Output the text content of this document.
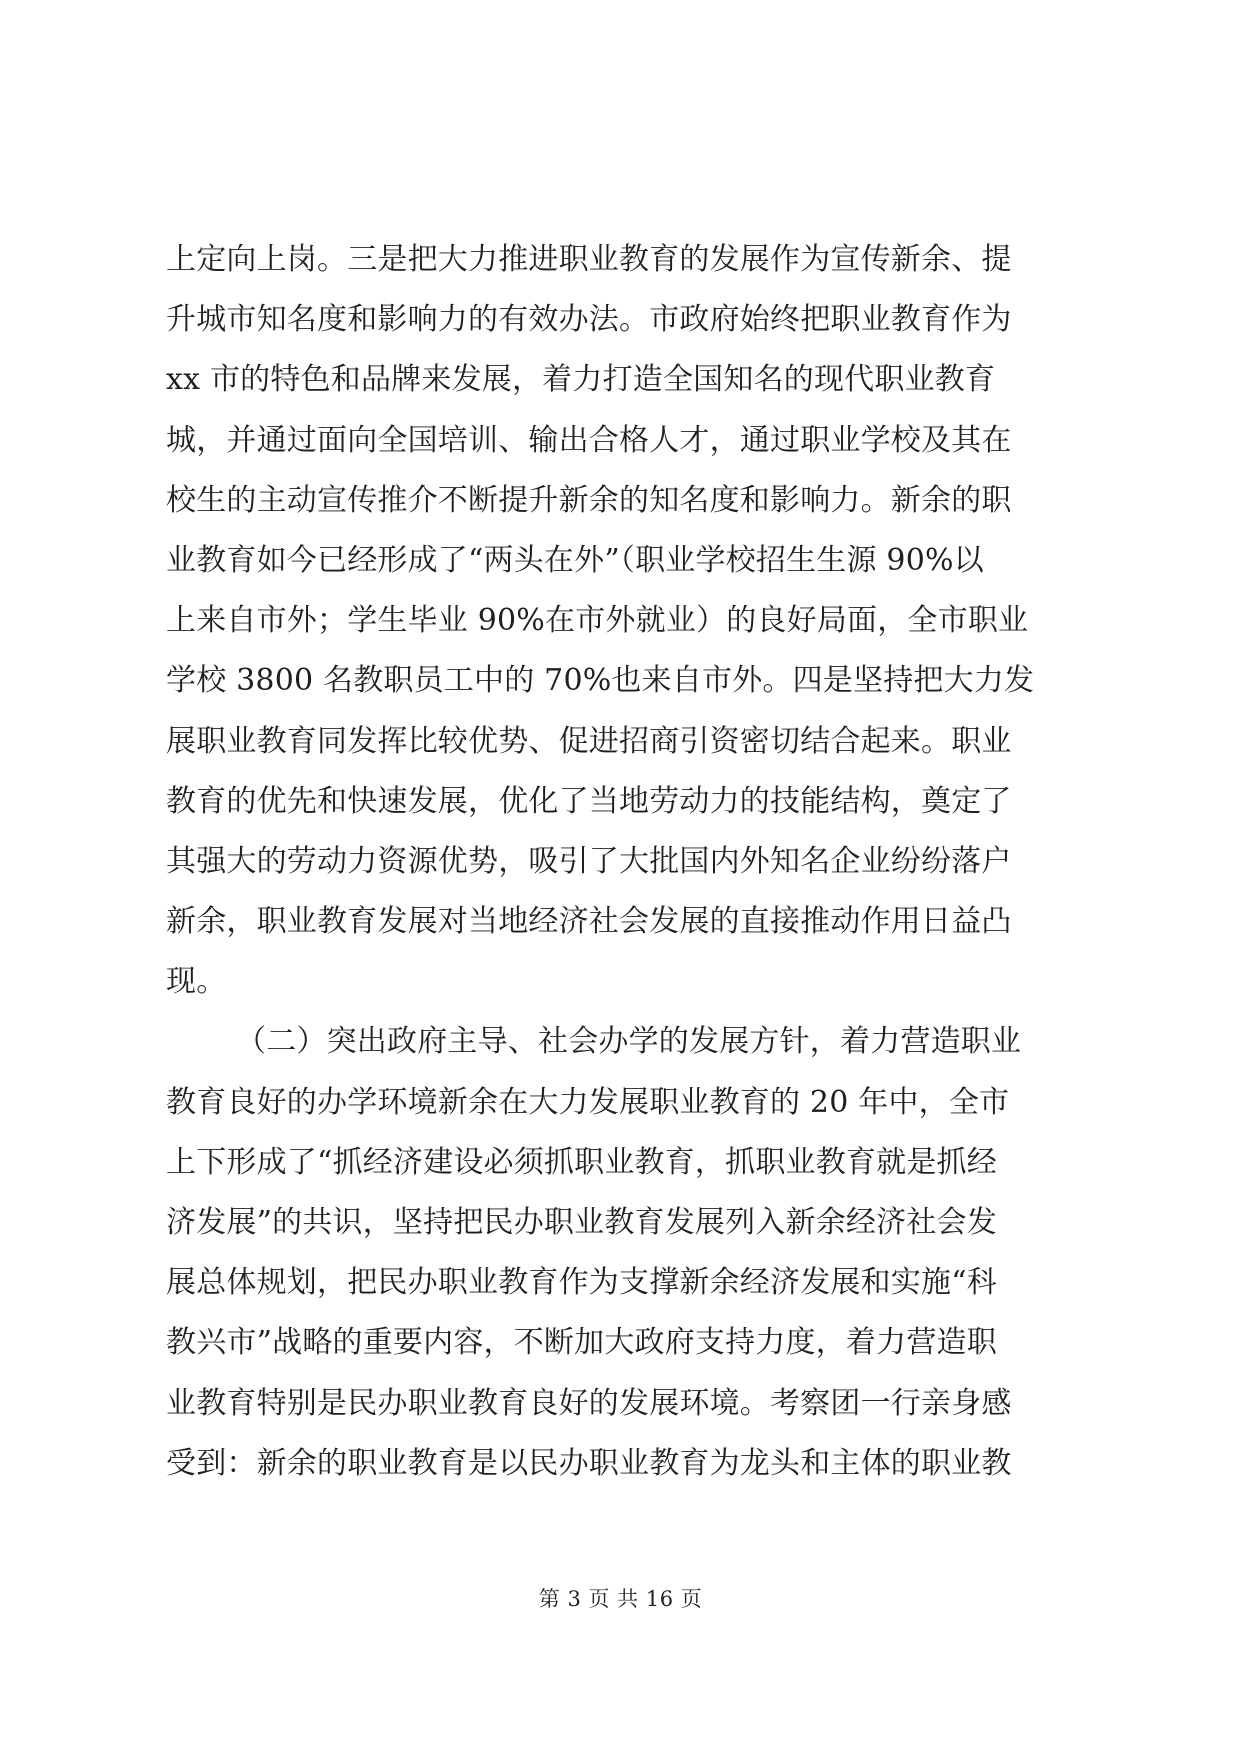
上定向上岗。三是把大力推进职业教育的发展作为宣传新余、提
升城市知名度和影响力的有效办法。市政府始终把职业教育作为
xx 市的特色和品牌来发展，着力打造全国知名的现代职业教育
城，并通过面向全国培训、输出合格人才，通过职业学校及其在
校生的主动宣传推介不断提升新余的知名度和影响力。新余的职
业教育如今已经形成了“两头在外”（职业学校招生生源 90%以
上来自市外；学生毕业 90%在市外就业）的良好局面，全市职业
学校 3800 名教职员工中的 70%也来自市外。四是坚持把大力发
展职业教育同发挥比较优势、促进招商引资密切结合起来。职业
教育的优先和快速发展，优化了当地劳动力的技能结构，奠定了
其强大的劳动力资源优势，吸引了大批国内外知名企业纷纷落户
新余，职业教育发展对当地经济社会发展的直接推动作用日益凸
现。
（二）突出政府主导、社会办学的发展方针，着力营造职业
教育良好的办学环境新余在大力发展职业教育的 20 年中，全市
上下形成了“抓经济建设必须抓职业教育，抓职业教育就是抓经
济发展”的共识，坚持把民办职业教育发展列入新余经济社会发
展总体规划，把民办职业教育作为支撑新余经济发展和实施“科
教兴市”战略的重要内容，不断加大政府支持力度，着力营造职
业教育特别是民办职业教育良好的发展环境。考察团一行亲身感
受到：新余的职业教育是以民办职业教育为龙头和主体的职业教
第 3 页 共 16 页
